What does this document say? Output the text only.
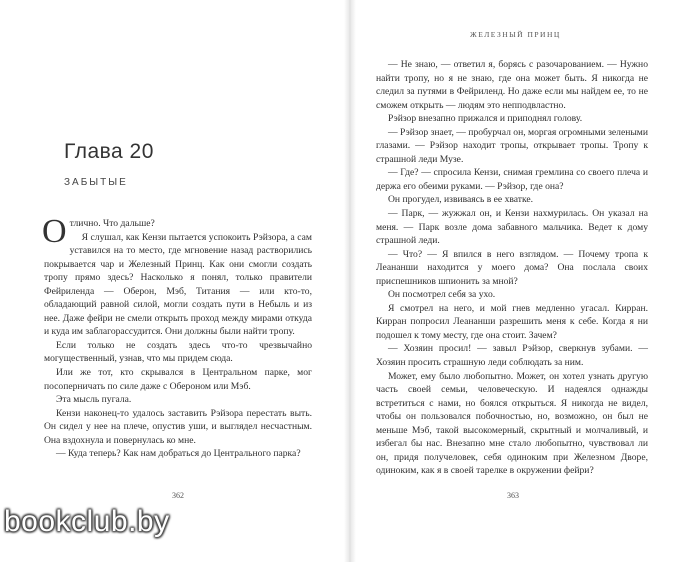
Глава 20
ЗАБЫТЫЕ

Отлично. Что дальше?

Я слушал, как Кензи пытается успокоить Рэйзора, а сам уставился на то место, где мгновение назад растворились покрывается чар и Железный Принц. Как они смогли создать тропу прямо здесь? Насколько я понял, только правители Фейриленда — Оберон, Мэб, Титания — или кто-то, обладающий равной силой, могли создать пути в Небыль и из нее. Даже фейри не смели открыть проход между мирами откуда и куда им заблагорассудится. Они должны были найти тропу.

Если только не создать здесь что-то чрезвычайно могущественный, узнав, что мы придем сюда.

Или же тот, кто скрывался в Центральном парке, мог посоперничать по силе даже с Обероном или Мэб.

Эта мысль пугала.

Кензи наконец-то удалось заставить Рэйзора перестать выть. Он сидел у нее на плече, опустив уши, и выглядел несчастным. Она вздохнула и повернулась ко мне.

— Куда теперь? Как нам добраться до Центрального парка?

362
ЖЕЛЕЗНЫЙ ПРИНЦ

— Не знаю, — ответил я, борясь с разочарованием. — Нужно найти тропу, но я не знаю, где она может быть. Я никогда не следил за путями в Фейриленд. Но даже если мы найдем ее, то не сможем открыть — людям это непподвластно.

Рэйзор внезапно прижался и приподнял голову.

— Рэйзор знает, — пробурчал он, моргая огромными зелеными глазами. — Рэйзор находит тропы, открывает тропы. Тропу к страшной леди Музе.

— Где? — спросила Кензи, снимая гремлина со своего плеча и держа его обеими руками. — Рэйзор, где она?

Он прогудел, извиваясь в ее хватке.

— Парк, — жужжал он, и Кензи нахмурилась. Он указал на меня. — Парк возле дома забавного мальчика. Ведет к дому страшной леди.

— Что? — Я впился в него взглядом. — Почему тропа к Леананши находится у моего дома? Она послала своих приспешников шпионить за мной?

Он посмотрел себя за ухо.

Я смотрел на него, и мой гнев медленно угасал. Кирран. Кирран попросил Леананши разрешить меня к себе. Когда я ни подошел к тому месту, где она стоит. Зачем?

— Хозяин просил! — завыл Рэйзор, сверкнув зубами. — Хозяин просить страшную леди соблюдать за ним.

Может, ему было любопытно. Может, он хотел узнать другую часть своей семьи, человеческую. И надеялся однажды встретиться с нами, но боялся открыться. Я никогда не видел, чтобы он пользовался побочностью, но, возможно, он был не меньше Мэб, такой высокомерный, скрытный и молчаливый, и избегал бы нас. Внезапно мне стало любопытно, чувствовал ли он, придя получеловек, себя одиноким при Железном Дворе, одиноким, как я в своей тарелке в окружении фейри?

363
bookclub.by
